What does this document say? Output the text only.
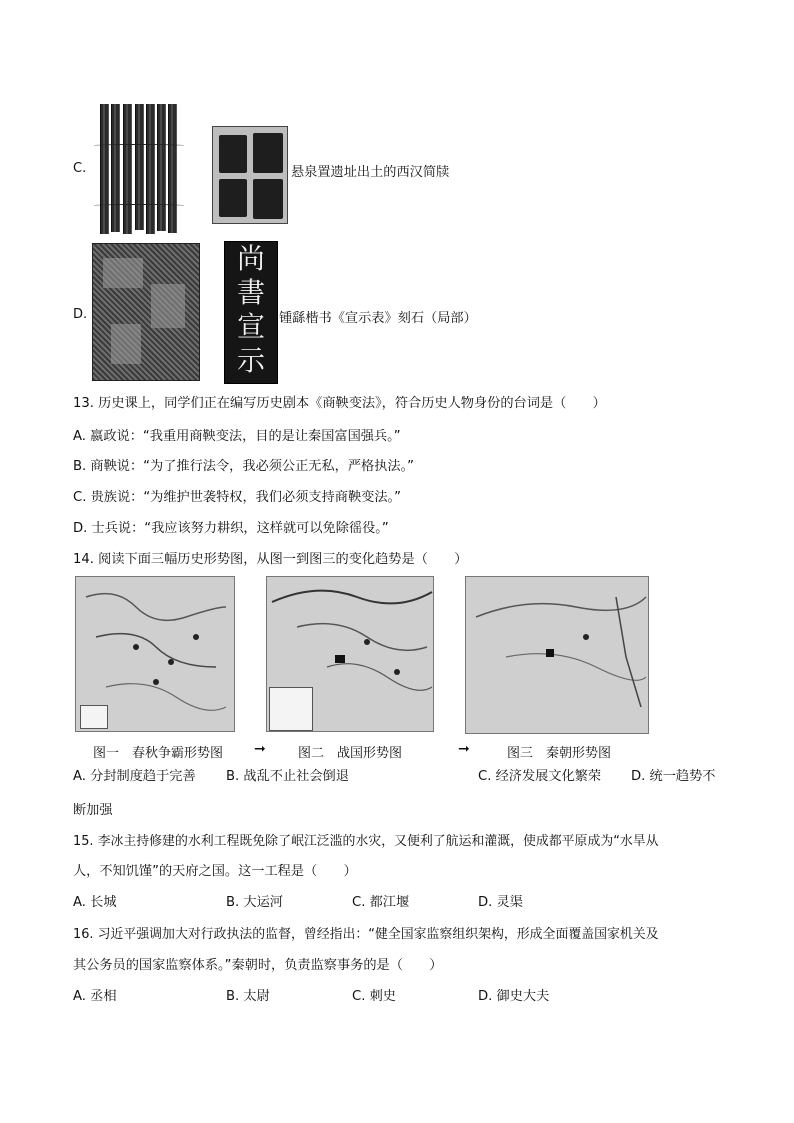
C.	悬泉置遗址出土的西汉简牍
D.
尚
書
宣
示
锺繇楷书《宣示表》刻石（局部）
13. 历史课上，同学们正在编写历史剧本《商鞅变法》，符合历史人物身份的台词是（　　）
A. 嬴政说：“我重用商鞅变法，目的是让秦国富国强兵。”
B. 商鞅说：“为了推行法令，我必须公正无私，严格执法。”
C. 贵族说：“为维护世袭特权，我们必须支持商鞅变法。”
D. 士兵说：“我应该努力耕织，这样就可以免除徭役。”
14. 阅读下面三幅历史形势图，从图一到图三的变化趋势是（　　）
图一　春秋争霸形势图 ➞ 图二　战国形势图	➞	图三　秦朝形势图
A. 分封制度趋于完善 B. 战乱不止社会倒退	C. 经济发展文化繁荣 D. 统一趋势不
断加强
15. 李冰主持修建的水利工程既免除了岷江泛滥的水灾，又便利了航运和灌溉，使成都平原成为“水旱从
人，不知饥馑”的天府之国。这一工程是（　　）
A. 长城	B. 大运河	C. 都江堰	D. 灵渠
16. 习近平强调加大对行政执法的监督，曾经指出：“健全国家监察组织架构，形成全面覆盖国家机关及
其公务员的国家监察体系。”秦朝时，负责监察事务的是（　　）
A. 丞相	B. 太尉	C. 刺史	D. 御史大夫
